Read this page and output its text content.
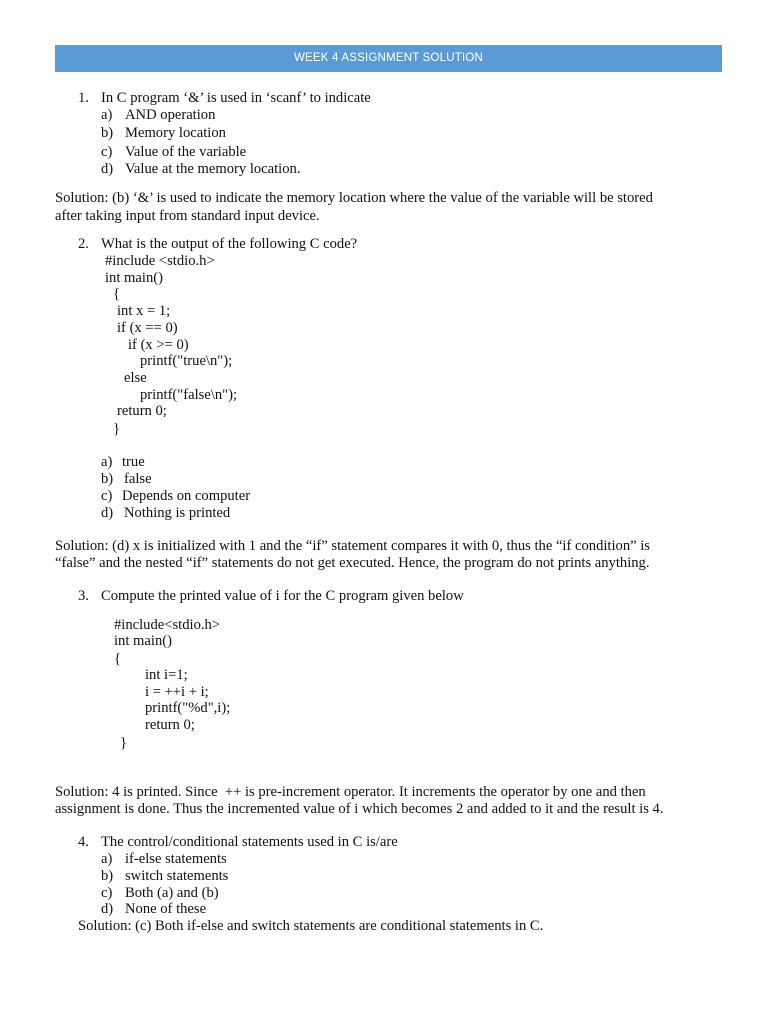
WEEK 4 ASSIGNMENT SOLUTION
1. In C program ‘&’ is used in ‘scanf’ to indicate
a) AND operation
b) Memory location
c) Value of the variable
d) Value at the memory location.
Solution: (b) ‘&’ is used to indicate the memory location where the value of the variable will be stored
after taking input from standard input device.
2. What is the output of the following C code?
#include <stdio.h>
int main()
{
int x = 1;
if (x == 0)
if (x >= 0)
printf("true\n");
else
printf("false\n");
return 0;
}
a) true
b) false
c) Depends on computer
d) Nothing is printed
Solution: (d) x is initialized with 1 and the “if” statement compares it with 0, thus the “if condition” is
“false” and the nested “if” statements do not get executed. Hence, the program do not prints anything.
3. Compute the printed value of i for the C program given below
#include<stdio.h>
int main()
{
int i=1;
i = ++i + i;
printf("%d",i);
return 0;
}
Solution: 4 is printed. Since  ++ is pre-increment operator. It increments the operator by one and then
assignment is done. Thus the incremented value of i which becomes 2 and added to it and the result is 4.
4. The control/conditional statements used in C is/are
a) if-else statements
b) switch statements
c) Both (a) and (b)
d) None of these
Solution: (c) Both if-else and switch statements are conditional statements in C.
